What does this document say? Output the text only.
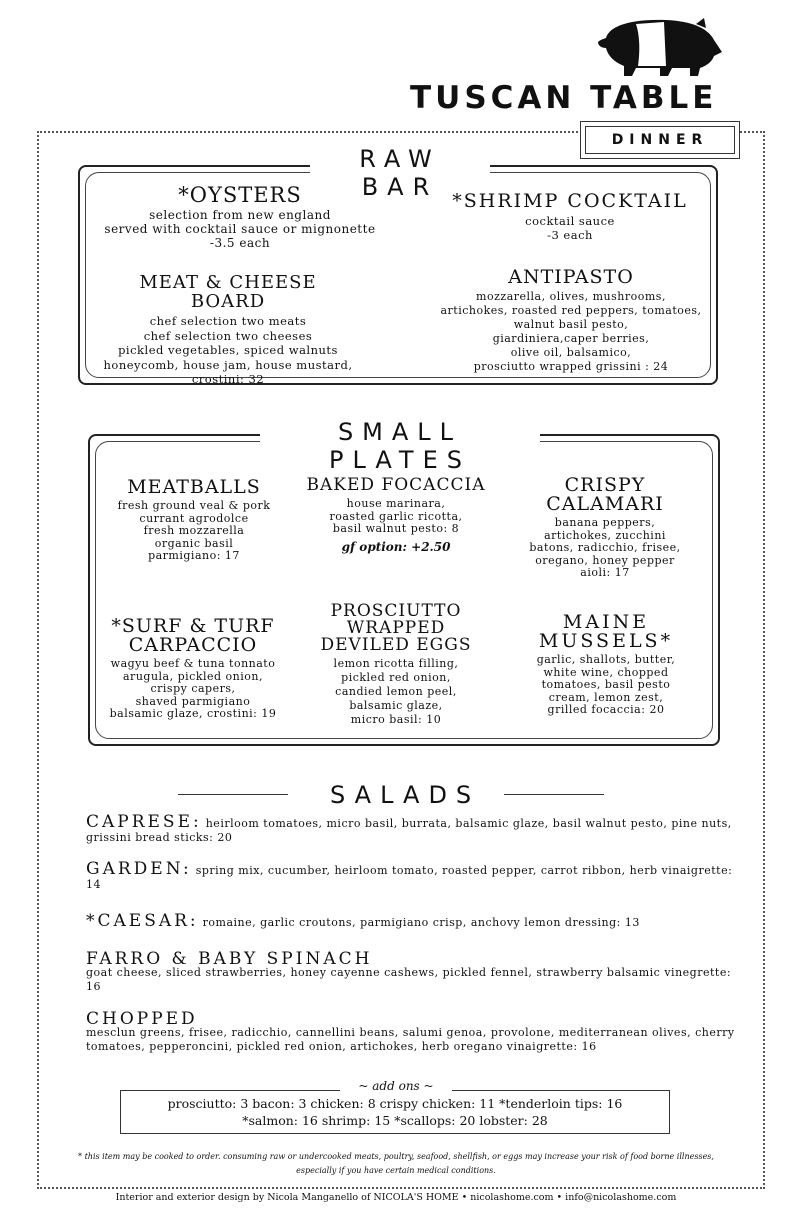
TUSCAN TABLE
DINNER
RAW BAR
*OYSTERS
selection from new england
served with cocktail sauce or mignonette
-3.5 each
*SHRIMP COCKTAIL
cocktail sauce
-3 each
MEAT & CHEESE
BOARD
chef selection two meats
chef selection two cheeses
pickled vegetables, spiced walnuts
honeycomb, house jam, house mustard,
crostini: 32
ANTIPASTO
mozzarella, olives, mushrooms,
artichokes, roasted red peppers, tomatoes,
walnut basil pesto,
giardiniera,caper berries,
olive oil, balsamico,
prosciutto wrapped grissini : 24
SMALL PLATES
MEATBALLS
fresh ground veal & pork
currant agrodolce
fresh mozzarella
organic basil
parmigiano: 17
BAKED FOCACCIA
house marinara,
roasted garlic ricotta,
basil walnut pesto: 8
gf option: +2.50
CRISPY
CALAMARI
banana peppers,
artichokes, zucchini
batons, radicchio, frisee,
oregano, honey pepper
aioli: 17
*SURF & TURF
CARPACCIO
wagyu beef & tuna tonnato
arugula, pickled onion,
crispy capers,
shaved parmigiano
balsamic glaze, crostini: 19
PROSCIUTTO
WRAPPED
DEVILED EGGS
lemon ricotta filling,
pickled red onion,
candied lemon peel,
balsamic glaze,
micro basil: 10
MAINE
MUSSELS*
garlic, shallots, butter,
white wine, chopped
tomatoes, basil pesto
cream, lemon zest,
grilled focaccia: 20
SALADS
CAPRESE: heirloom tomatoes, micro basil, burrata, balsamic glaze, basil walnut pesto, pine nuts, grissini bread sticks: 20
GARDEN: spring mix, cucumber, heirloom tomato, roasted pepper, carrot ribbon, herb vinaigrette: 14
*CAESAR: romaine, garlic croutons, parmigiano crisp, anchovy lemon dressing: 13
FARRO & BABY SPINACH
goat cheese, sliced strawberries, honey cayenne cashews, pickled fennel, strawberry balsamic vinegrette: 16
CHOPPED
mesclun greens, frisee, radicchio, cannellini beans, salumi genoa, provolone, mediterranean olives, cherry tomatoes, pepperoncini, pickled red onion, artichokes, herb oregano vinaigrette: 16
prosciutto: 3 bacon: 3 chicken: 8 crispy chicken: 11 *tenderloin tips: 16
*salmon: 16 shrimp: 15 *scallops: 20 lobster: 28
~ add ons ~
* this item may be cooked to order. consuming raw or undercooked meats, poultry, seafood, shellfish, or eggs may increase your risk of food borne illnesses,
especially if you have certain medical conditions.
Interior and exterior design by Nicola Manganello of NICOLA'S HOME • nicolashome.com • info@nicolashome.com
